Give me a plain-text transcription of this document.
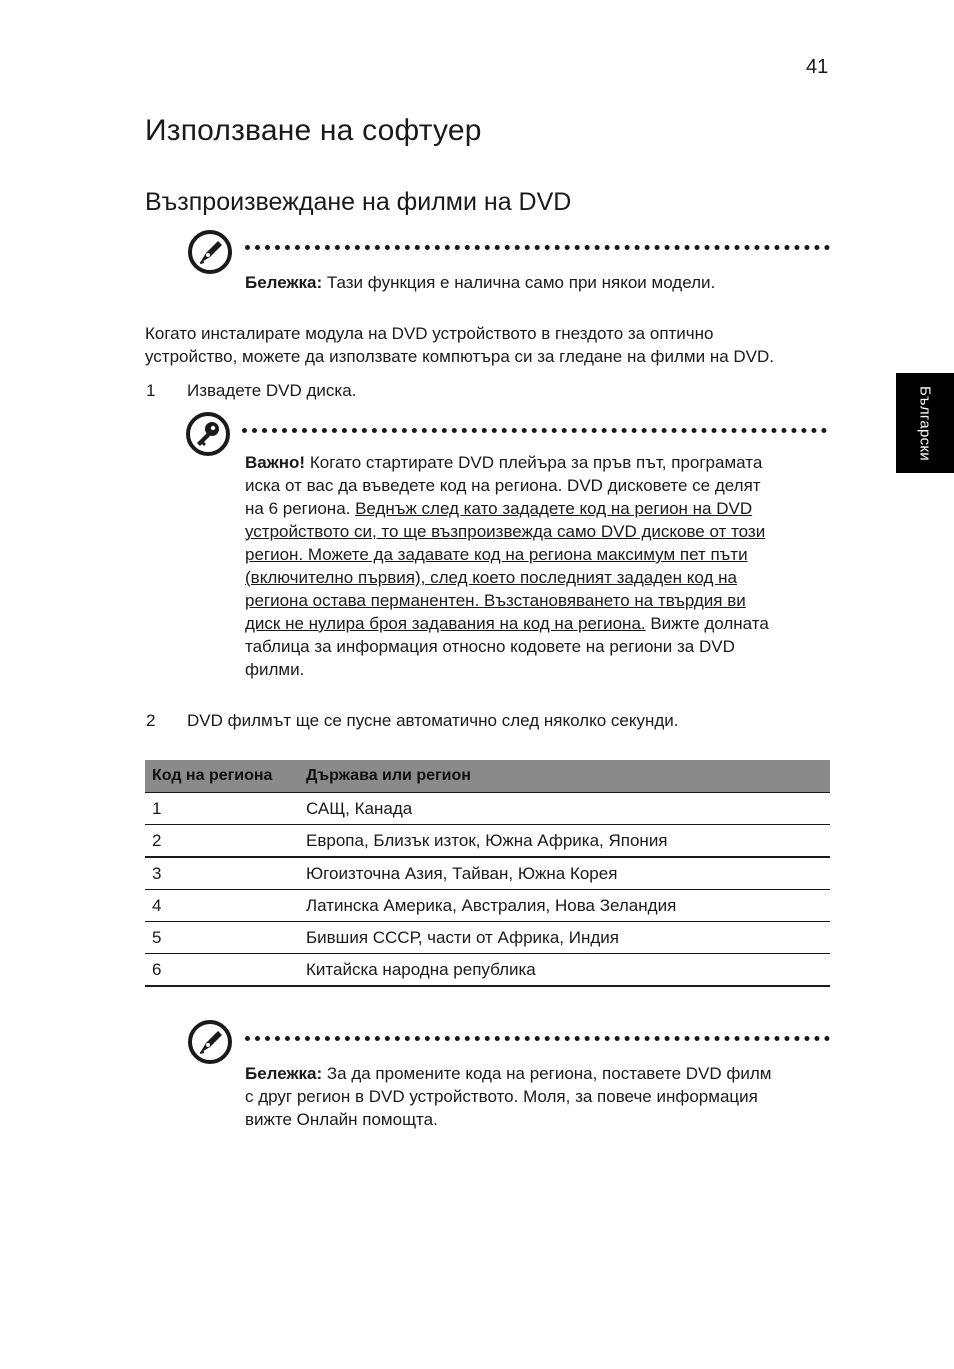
41
Използване на софтуер
Възпроизвеждане на филми на DVD
Бележка: Тази функция е налична само при някои модели.
Когато инсталирате модула на DVD устройството в гнездото за оптично
устройство, можете да използвате компютъра си за гледане на филми на DVD.
1 Извадете DVD диска.
Важно! Когато стартирате DVD плейъра за пръв път, програмата
иска от вас да въведете код на региона. DVD дисковете се делят
на 6 региона. Веднъж след като зададете код на регион на DVD
устройството си, то ще възпроизвежда само DVD дискове от този
регион. Можете да задавате код на региона максимум пет пъти
(включително първия), след което последният зададен код на
региона остава перманентен. Възстановяването на твърдия ви
диск не нулира броя задавания на код на региона. Вижте долната
таблица за информация относно кодовете на региони за DVD
филми.
2 DVD филмът ще се пусне автоматично след няколко секунди.
Код на региона	Държава или регион
1	САЩ, Канада
2	Европа, Близък изток, Южна Африка, Япония
3	Югоизточна Азия, Тайван, Южна Корея
4	Латинска Америка, Австралия, Нова Зеландия
5	Бившия СССР, части от Африка, Индия
6	Китайска народна република
Бележка: За да промените кода на региона, поставете DVD филм
с друг регион в DVD устройството. Моля, за повече информация
вижте Онлайн помощта.
Български
